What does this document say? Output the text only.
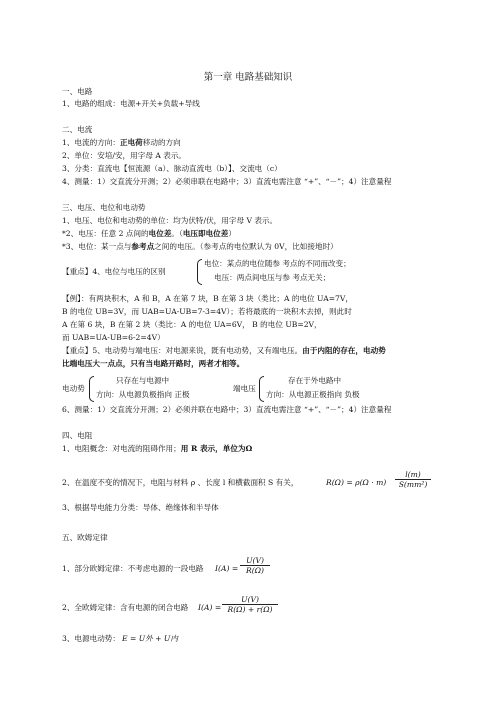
第一章 电路基础知识
一、电路
1、电路的组成：电源+开关+负载+导线
二、电流
1、电流的方向：正电荷移动的方向
2、单位：安培/安，用字母 A 表示。
3、分类：直流电【恒流源（a）、脉动直流电（b）】、交流电（c）
4、测量：1）交直流分开测；2）必须串联在电路中；3）直流电需注意 “+”、“－”；4）注意量程
三、电压、电位和电动势
1、电压、电位和电动势的单位：均为伏特/伏，用字母 V 表示。
*2、电压：任意 2 点间的电位差。（电压即电位差）
*3、电位：某一点与参考点之间的电压。（参考点的电位默认为 0V，比如接地时）
【重点】4、电位与电压的区别
电位：某点的电位随参 考点的不同而改变；
电压：两点间电压与参 考点无关；
【例】：有两块积木，A 和 B，A 在第 7 块，B 在第 3 块（类比；A 的电位 UA=7V，
B 的电位 UB=3V，而 UAB=UA-UB=7-3=4V）；若将最底的一块积木去掉，则此时
A 在第 6 块，B 在第 2 块（类比：A 的电位 UA=6V， B 的电位 UB=2V，
而 UAB=UA-UB=6-2=4V）
【重点】5、电动势与端电压：对电源来说，既有电动势，又有端电压。由于内阻的存在，电动势
比端电压大一点点，只有当电路开路时，两者才相等。
电动势
只存在与电源中
方向：从电源负极指向 正极
端电压
存在于外电路中
方向：从电源正极指向 负极
6、测量：1）交直流分开测；2）必须并联在电路中；3）直流电需注意 “+”、“－”；4）注意量程
四、电阻
1、电阻概念：对电流的阻碍作用；用 R 表示，单位为Ω
2、在温度不变的情况下，电阻与材料 ρ 、长度 l 和横截面积 S 有关，	$R(\Omega) = \rho(\Omega \cdot m) \frac{l(m)}{\text{S(mm²)}}$
3、根据导电能力分类：导体、绝缘体和半导体
五、欧姆定律
1、部分欧姆定律：不考虑电源的一段电路 $I(A) = \frac{U(V)}{R(\Omega)}$
2、全欧姆定律：含有电源的闭合电路 $I(A) = \frac{U(V)}{R(\Omega) + r(\Omega)}$
3、电源电动势： E = U外 + U内
